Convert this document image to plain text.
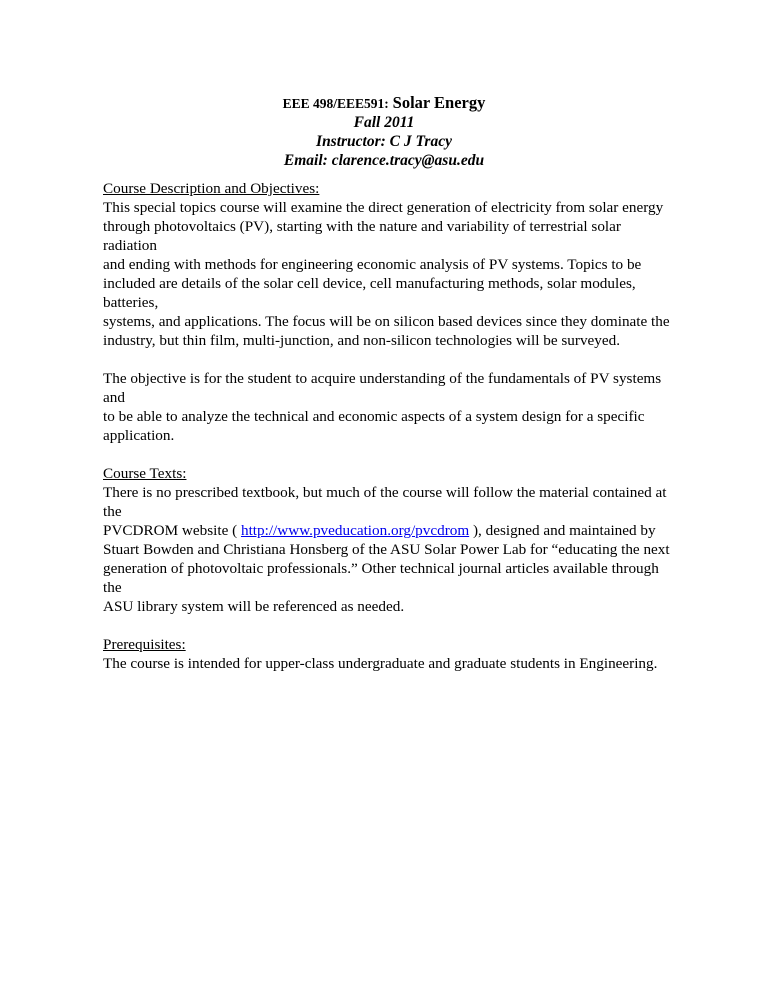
EEE 498/EEE591: Solar Energy
Fall 2011
Instructor: C J Tracy
Email: clarence.tracy@asu.edu
Course Description and Objectives:

This special topics course will examine the direct generation of electricity from solar energy
through photovoltaics (PV), starting with the nature and variability of terrestrial solar radiation
and ending with methods for engineering economic analysis of PV systems. Topics to be
included are details of the solar cell device, cell manufacturing methods, solar modules, batteries,
systems, and applications. The focus will be on silicon based devices since they dominate the
industry, but thin film, multi-junction, and non-silicon technologies will be surveyed.

The objective is for the student to acquire understanding of the fundamentals of PV systems and
to be able to analyze the technical and economic aspects of a system design for a specific
application.

Course Texts:

There is no prescribed textbook, but much of the course will follow the material contained at the

PVCDROM website ( http://www.pveducation.org/pvcdrom ), designed and maintained by

Stuart Bowden and Christiana Honsberg of the ASU Solar Power Lab for “educating the next
generation of photovoltaic professionals.” Other technical journal articles available through the
ASU library system will be referenced as needed.

Prerequisites:

The course is intended for upper-class undergraduate and graduate students in Engineering.
